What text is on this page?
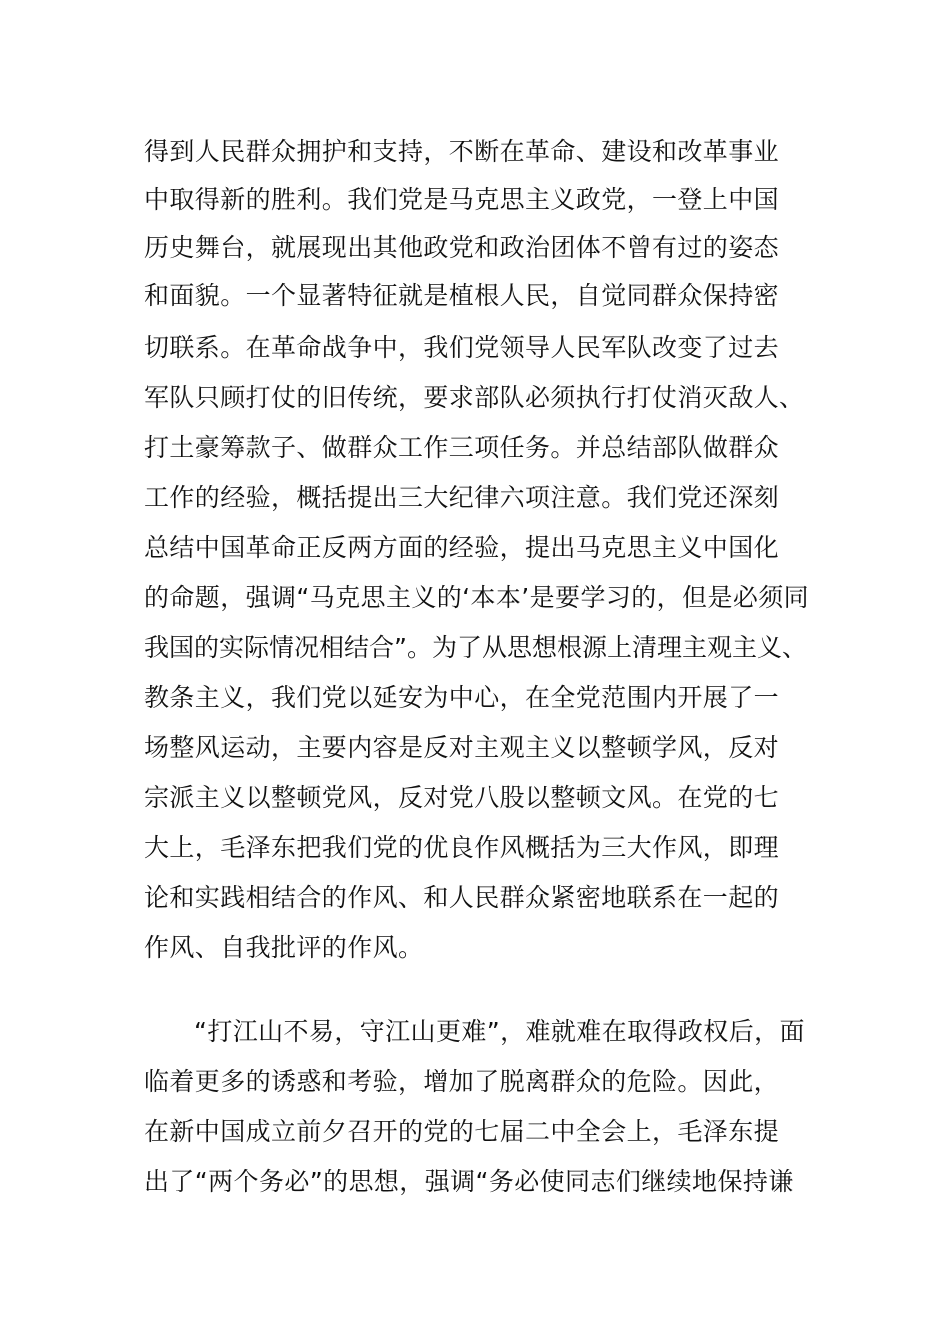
得到人民群众拥护和支持，不断在革命、建设和改革事业
中取得新的胜利。我们党是马克思主义政党，一登上中国
历史舞台，就展现出其他政党和政治团体不曾有过的姿态
和面貌。一个显著特征就是植根人民，自觉同群众保持密
切联系。在革命战争中，我们党领导人民军队改变了过去
军队只顾打仗的旧传统，要求部队必须执行打仗消灭敌人、
打土豪筹款子、做群众工作三项任务。并总结部队做群众
工作的经验，概括提出三大纪律六项注意。我们党还深刻
总结中国革命正反两方面的经验，提出马克思主义中国化
的命题，强调“马克思主义的‘本本’是要学习的，但是必须同
我国的实际情况相结合”。为了从思想根源上清理主观主义、
教条主义，我们党以延安为中心，在全党范围内开展了一
场整风运动，主要内容是反对主观主义以整顿学风，反对
宗派主义以整顿党风，反对党八股以整顿文风。在党的七
大上，毛泽东把我们党的优良作风概括为三大作风，即理
论和实践相结合的作风、和人民群众紧密地联系在一起的
作风、自我批评的作风。
“打江山不易，守江山更难”，难就难在取得政权后，面
临着更多的诱惑和考验，增加了脱离群众的危险。因此，
在新中国成立前夕召开的党的七届二中全会上，毛泽东提
出了“两个务必”的思想，强调“务必使同志们继续地保持谦
